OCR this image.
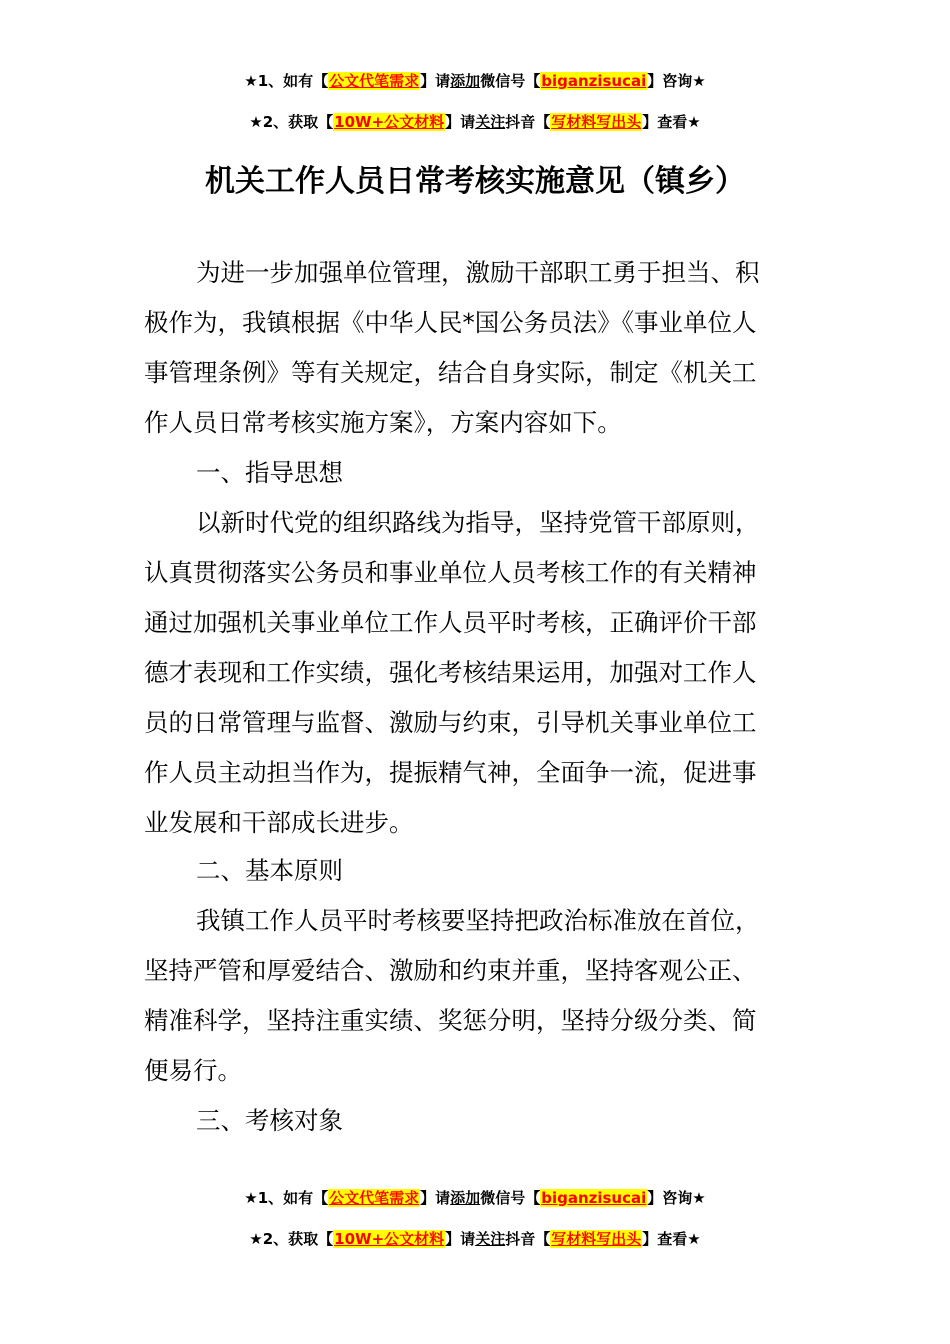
★1、如有【公文代笔需求】请添加微信号【biganzisucai】咨询★
★2、获取【10W+公文材料】请关注抖音【写材料写出头】查看★
机关工作人员日常考核实施意见（镇乡）
为进一步加强单位管理，激励干部职工勇于担当、积
极作为，我镇根据《中华人民*国公务员法》《事业单位人
事管理条例》等有关规定，结合自身实际，制定《机关工
作人员日常考核实施方案》，方案内容如下。
一、指导思想
以新时代党的组织路线为指导，坚持党管干部原则，
认真贯彻落实公务员和事业单位人员考核工作的有关精神
通过加强机关事业单位工作人员平时考核，正确评价干部
德才表现和工作实绩，强化考核结果运用，加强对工作人
员的日常管理与监督、激励与约束，引导机关事业单位工
作人员主动担当作为，提振精气神，全面争一流，促进事
业发展和干部成长进步。
二、基本原则
我镇工作人员平时考核要坚持把政治标准放在首位，
坚持严管和厚爱结合、激励和约束并重，坚持客观公正、
精准科学，坚持注重实绩、奖惩分明，坚持分级分类、简
便易行。
三、考核对象
★1、如有【公文代笔需求】请添加微信号【biganzisucai】咨询★
★2、获取【10W+公文材料】请关注抖音【写材料写出头】查看★
